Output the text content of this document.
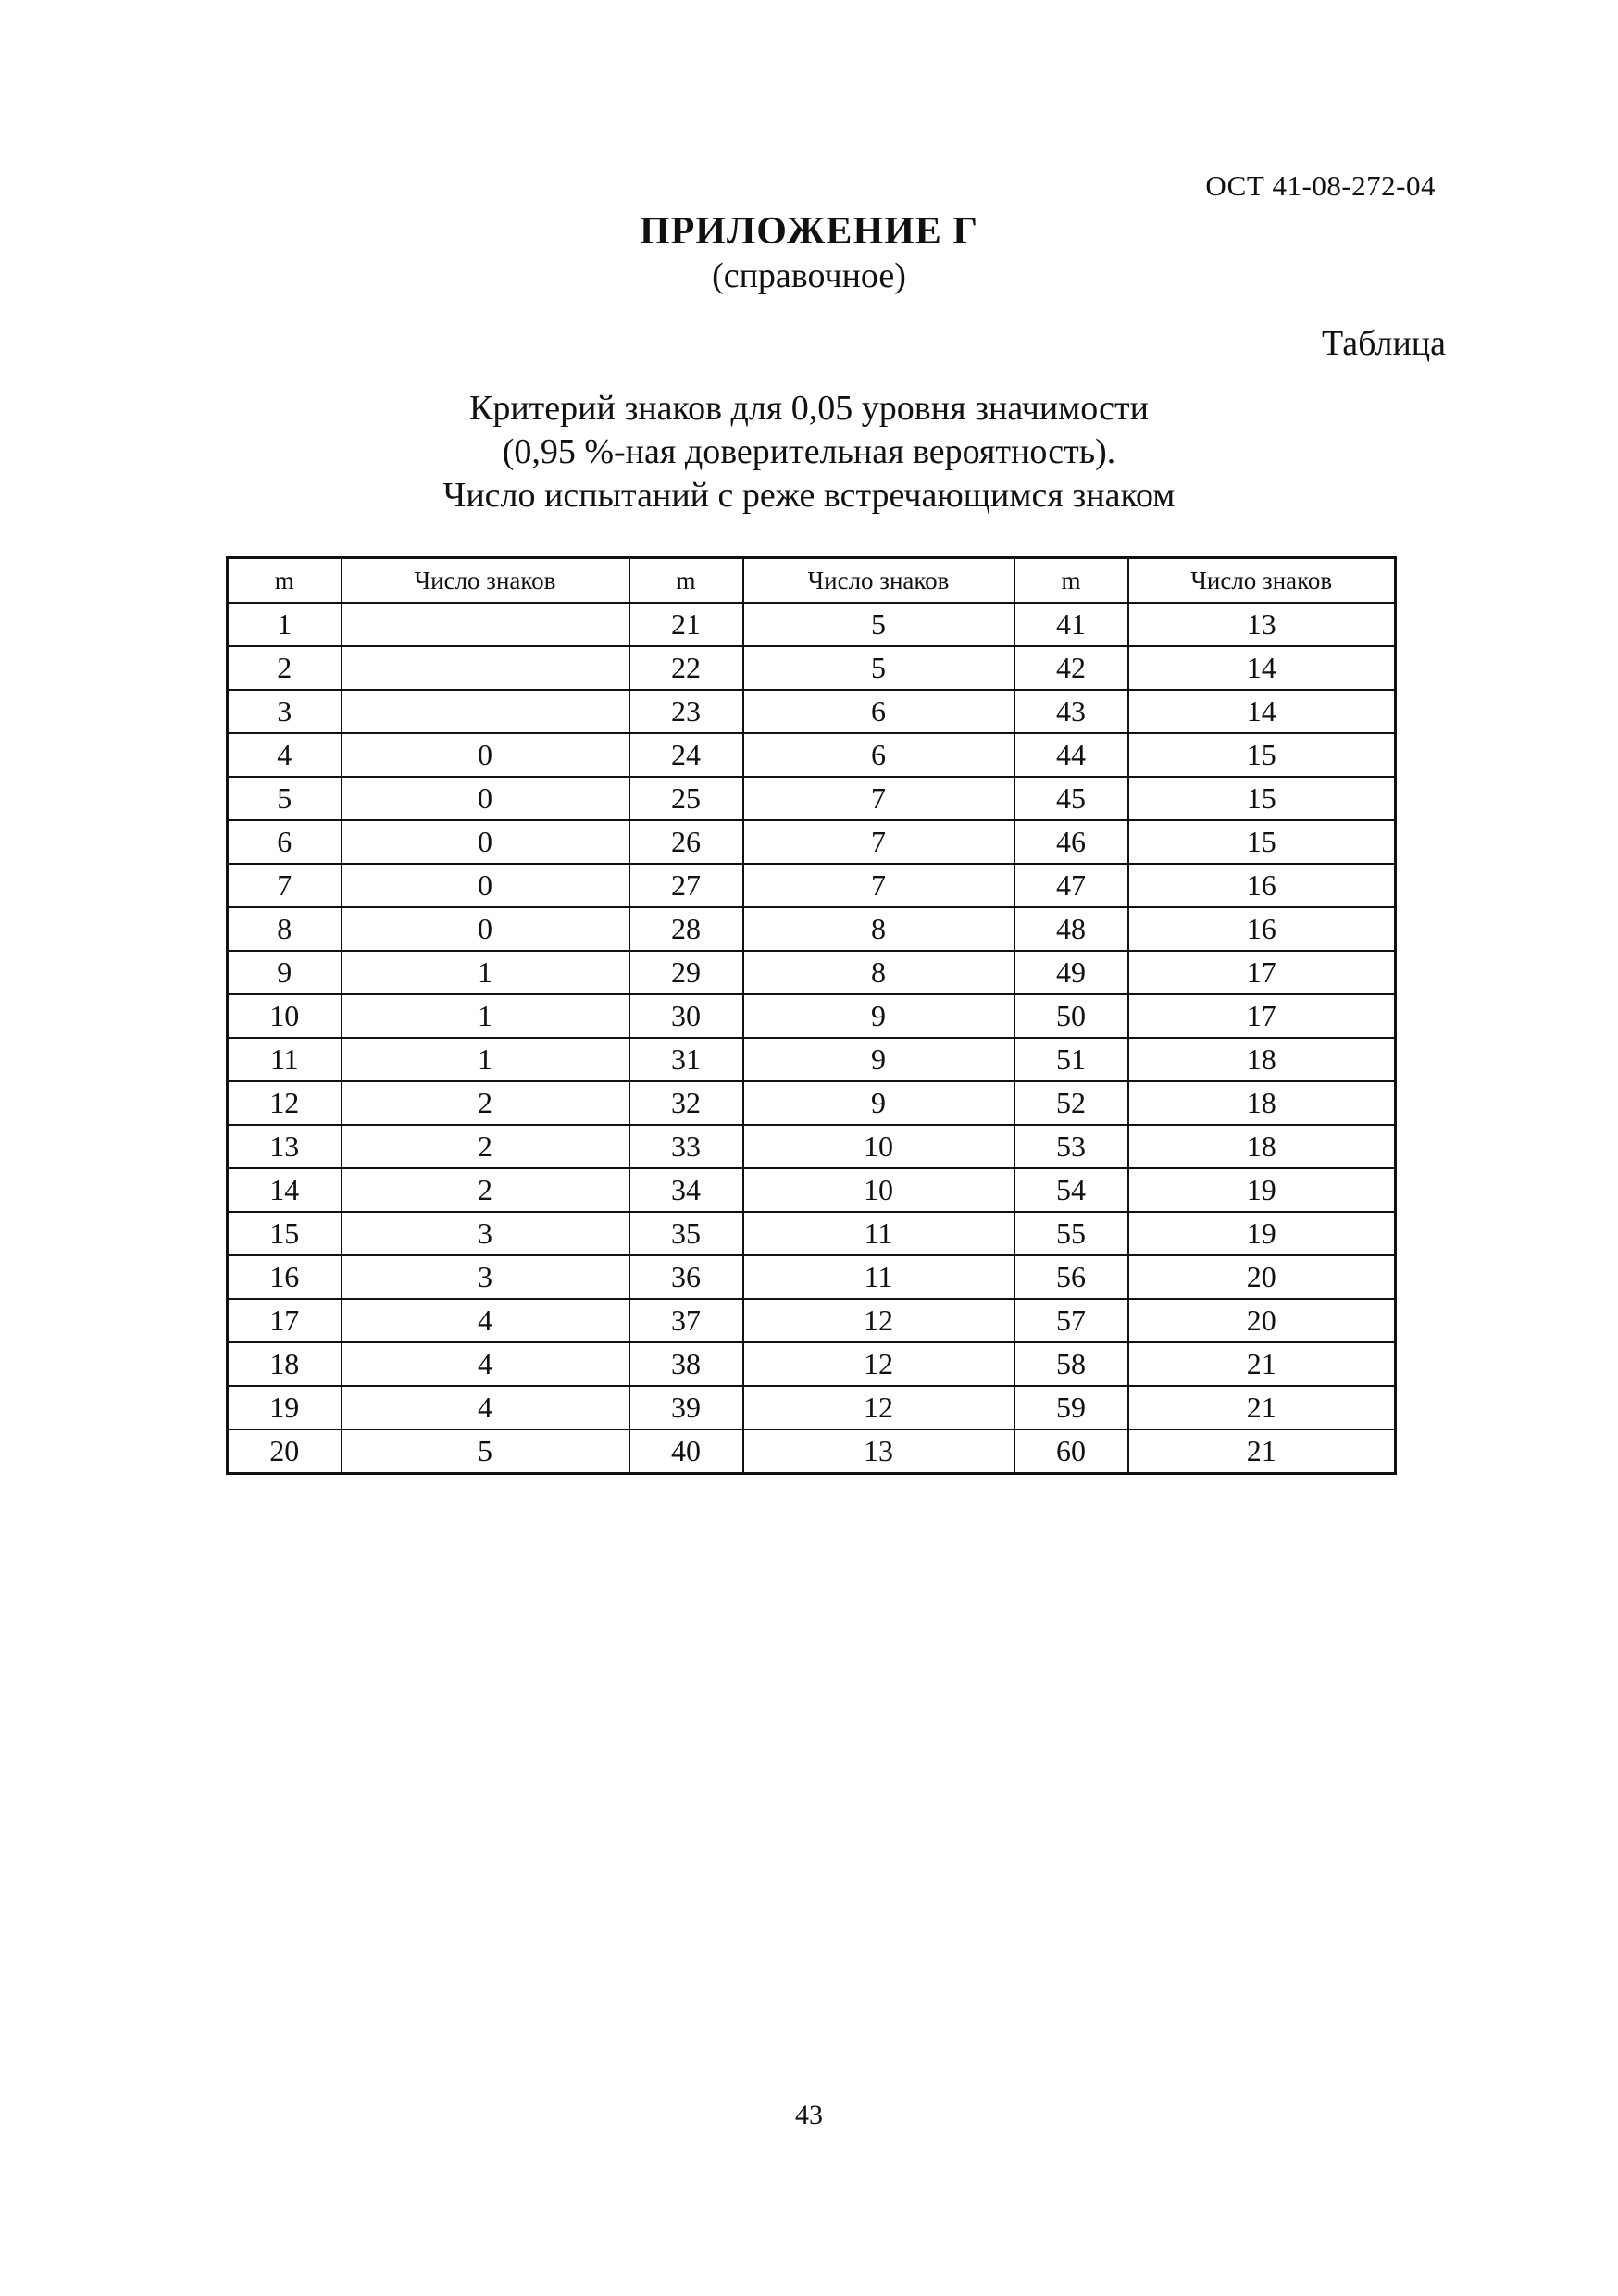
ОСТ 41-08-272-04
ПРИЛОЖЕНИЕ Г
(справочное)
Таблица
Критерий знаков для 0,05 уровня значимости
(0,95 %-ная доверительная вероятность).
Число испытаний с реже встречающимся знаком
m	Число знаков	m	Число знаков	m	Число знаков
1		21	5	41	13
2		22	5	42	14
3		23	6	43	14
4	0	24	6	44	15
5	0	25	7	45	15
6	0	26	7	46	15
7	0	27	7	47	16
8	0	28	8	48	16
9	1	29	8	49	17
10	1	30	9	50	17
11	1	31	9	51	18
12	2	32	9	52	18
13	2	33	10	53	18
14	2	34	10	54	19
15	3	35	11	55	19
16	3	36	11	56	20
17	4	37	12	57	20
18	4	38	12	58	21
19	4	39	12	59	21
20	5	40	13	60	21
43
